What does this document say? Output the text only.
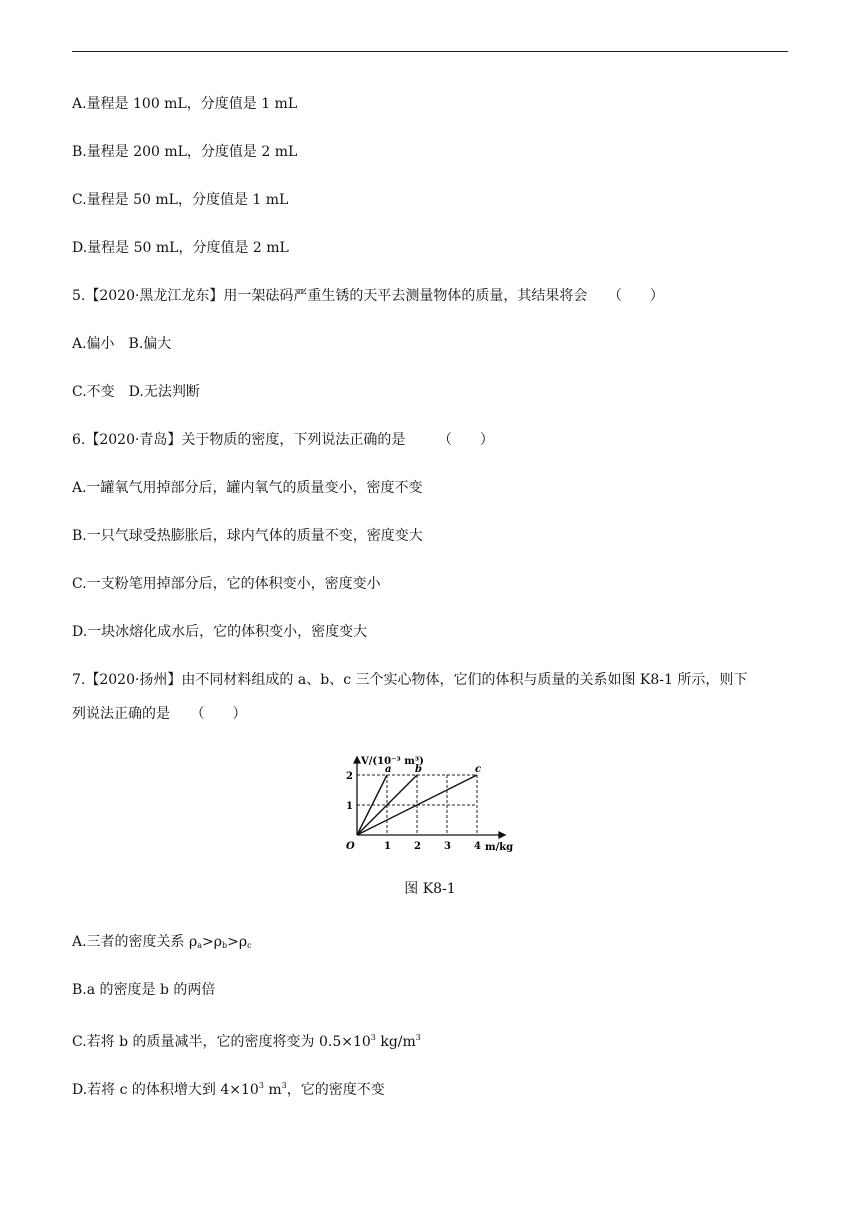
A.量程是 100 mL，分度值是 1 mL
B.量程是 200 mL，分度值是 2 mL
C.量程是 50 mL，分度值是 1 mL
D.量程是 50 mL，分度值是 2 mL
5.【2020·黑龙江龙东】用一架砝码严重生锈的天平去测量物体的质量，其结果将会 （　　）
A.偏小　B.偏大
C.不变　D.无法判断
6.【2020·青岛】关于物质的密度，下列说法正确的是 （　　）
A.一罐氧气用掉部分后，罐内氧气的质量变小，密度不变
B.一只气球受热膨胀后，球内气体的质量不变，密度变大
C.一支粉笔用掉部分后，它的体积变小，密度变小
D.一块冰熔化成水后，它的体积变小，密度变大
7.【2020·扬州】由不同材料组成的 a、b、c 三个实心物体，它们的体积与质量的关系如图 K8-1 所示，则下
列说法正确的是 （　　）
a b	c
1 2 3 4
1
2
V/(10⁻³ m³)
m/kg
O
图 K8-1
A.三者的密度关系 $\rho_a>\rho_b>\rho_c$
B.a 的密度是 b 的两倍
C.若将 b 的质量减半，它的密度将变为 $0.5\times 10^3$ $kg/m^3$
D.若将 c 的体积增大到 $4\times 10^3$ $m^3$，它的密度不变
